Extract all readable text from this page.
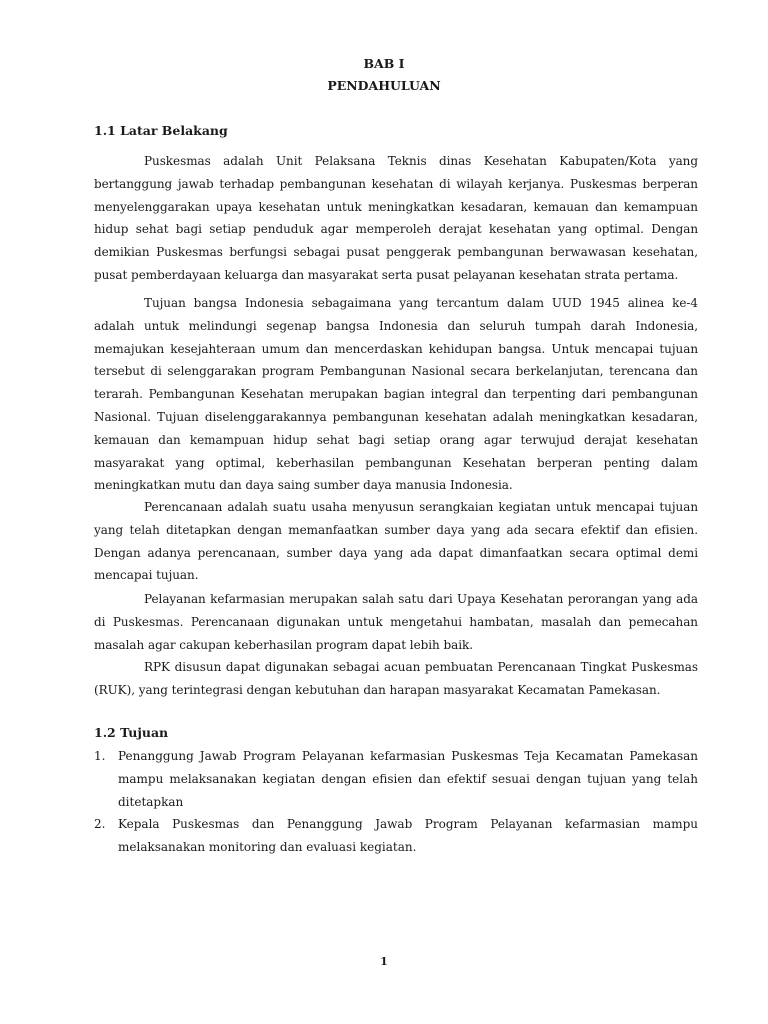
BAB I
PENDAHULUAN
1.1 Latar Belakang

Puskesmas adalah Unit Pelaksana Teknis dinas Kesehatan Kabupaten/Kota yang bertanggung jawab terhadap pembangunan kesehatan di wilayah kerjanya. Puskesmas berperan menyelenggarakan upaya kesehatan untuk meningkatkan kesadaran, kemauan dan kemampuan hidup sehat bagi setiap penduduk agar memperoleh derajat kesehatan yang optimal. Dengan demikian Puskesmas berfungsi sebagai pusat penggerak pembangunan berwawasan kesehatan, pusat pemberdayaan keluarga dan masyarakat serta pusat pelayanan kesehatan strata pertama.

Tujuan bangsa Indonesia sebagaimana yang tercantum dalam UUD 1945 alinea ke-4 adalah untuk melindungi segenap bangsa Indonesia dan seluruh tumpah darah Indonesia, memajukan kesejahteraan umum dan mencerdaskan kehidupan bangsa. Untuk mencapai tujuan tersebut di selenggarakan program Pembangunan Nasional secara berkelanjutan, terencana dan terarah. Pembangunan Kesehatan merupakan bagian integral dan terpenting dari pembangunan Nasional. Tujuan diselenggarakannya pembangunan kesehatan adalah meningkatkan kesadaran, kemauan dan kemampuan hidup sehat bagi setiap orang agar terwujud derajat kesehatan masyarakat yang optimal, keberhasilan pembangunan Kesehatan berperan penting dalam meningkatkan mutu dan daya saing sumber daya manusia Indonesia.

Perencanaan adalah suatu usaha menyusun serangkaian kegiatan untuk mencapai tujuan yang telah ditetapkan dengan memanfaatkan sumber daya yang ada secara efektif dan efisien. Dengan adanya perencanaan, sumber daya yang ada dapat dimanfaatkan secara optimal demi mencapai tujuan.

Pelayanan kefarmasian merupakan salah satu dari Upaya Kesehatan perorangan yang ada di Puskesmas. Perencanaan digunakan untuk mengetahui hambatan, masalah dan pemecahan masalah agar cakupan keberhasilan program dapat lebih baik.

RPK disusun dapat digunakan sebagai acuan pembuatan Perencanaan Tingkat Puskesmas (RUK), yang terintegrasi dengan kebutuhan dan harapan masyarakat Kecamatan Pamekasan.

1.2 Tujuan
1. Penanggung Jawab Program Pelayanan kefarmasian Puskesmas Teja Kecamatan Pamekasan mampu melaksanakan kegiatan dengan efisien dan efektif sesuai dengan tujuan yang telah ditetapkan
2. Kepala Puskesmas dan Penanggung Jawab Program Pelayanan kefarmasian mampu melaksanakan monitoring dan evaluasi kegiatan.
1
